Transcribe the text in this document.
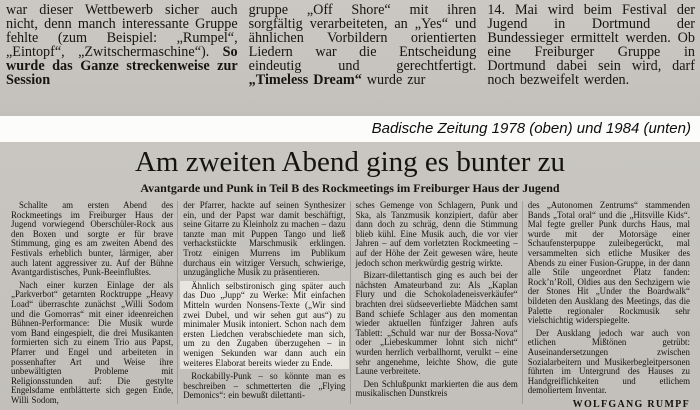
war dieser Wettbewerb sicher auch nicht, denn manch interessante Gruppe fehlte (zum Beispiel: „Rumpel“, „Eintopf“, „Zwitschermaschine“). So wurde das Ganze streckenweise zur Session

gruppe „Off Shore“ mit ihren sorgfältig verarbeiteten, an „Yes“ und ähnlichen Vorbildern orientierten Liedern war die Entscheidung eindeutig und gerechtfertigt. „Timeless Dream“ wurde zur

14. Mai wird beim Festival der Jugend in Dortmund der Bundessieger ermittelt werden. Ob eine Freiburger Gruppe in Dortmund dabei sein wird, darf noch bezweifelt werden.

Badische Zeitung 1978 (oben) und 1984 (unten)
Am zweiten Abend ging es bunter zu
Avantgarde und Punk in Teil B des Rockmeetings im Freiburger Haus der Jugend

Schallte am ersten Abend des Rockmeetings im Freiburger Haus der Jugend vorwiegend Oberschüler-Rock aus den Boxen und sorgte er für brave Stimmung, ging es am zweiten Abend des Festivals erheblich bunter, lärmiger, aber auch latent aggressiver zu. Auf der Bühne Avantgardistisches, Punk-Beeinflußtes.

Nach einer kurzen Einlage der als „Parkverbot“ getarnten Rocktruppe „Heavy Load“ überraschte zunächst „Willi Sodom und die Gomorras“ mit einer ideenreichen Bühnen-Performance: Die Musik wurde vom Band eingespielt, die drei Musikanten formierten sich zu einem Trio aus Papst, Pfarrer und Engel und arbeiteten in possenhafter Art und Weise ihre unbewältigten Probleme mit Religionsstunden auf: Die gestylte Engelsdame entblätterte sich gegen Ende, Willi Sodom,

der Pfarrer, hackte auf seinen Synthesizer ein, und der Papst war damit beschäftigt, seine Gitarre zu Kleinholz zu machen – dazu tanzte man mit Puppen Tango und ließ verhackstückte Marschmusik erklingen. Trotz einigen Murrens im Publikum durchaus ein witziger Versuch, schwierige, unzugängliche Musik zu präsentieren.

Ähnlich selbstironisch ging später auch das Duo „Jupp“ zu Werke: Mit einfachen Mitteln wurden Nonsens-Texte („Wir sind zwei Dubel, und wir sehen gut aus“) zu minimaler Musik intoniert. Schon nach dem ersten Liedchen verabschiedete man sich, um zu den Zugaben überzugehen – in wenigen Sekunden war dann auch ein weiteres Elaborat bereits wieder zu Ende.

Rockabilly-Punk – so könnte man es beschreiben – schmetterten die „Flying Demonics“: ein bewußt dilettanti-

sches Gemenge von Schlagern, Punk und Ska, als Tanzmusik konzipiert, dafür aber dann doch zu schräg, denn die Stimmung blieb kühl. Eine Musik auch, die vor vier Jahren – auf dem vorletzten Rockmeeting – auf der Höhe der Zeit gewesen wäre, heute jedoch schon merkwürdig gestrig wirkte.

Bizarr-dilettantisch ging es auch bei der nächsten Amateurband zu: Als „Kaplan Flury und die Schokoladeneisverkäufer“ brachten drei südseeverliebte Mädchen samt Band schiefe Schlager aus den momentan wieder aktuellen fünfziger Jahren aufs Tablett: „Schuld war nur der Bossa-Nova“ oder „Liebeskummer lohnt sich nicht“ wurden herrlich verballhornt, verulkt – eine sehr angenehme, leichte Show, die gute Laune verbreitete.

Den Schlußpunkt markierten die aus dem musikalischen Dunstkreis

des „Autonomen Zentrums“ stammenden Bands „Total oral“ und die „Hitsville Kids“. Mal fegte greller Punk durchs Haus, mal wurde mit der Motorsäge einer Schaufensterpuppe zuleibegerückt, mal versammelten sich etliche Musiker des Abends zu einer Fusion-Gruppe, in der dann alle Stile ungeordnet Platz fanden: Rock’n’Roll, Oldies aus den Sechzigern wie der Stones Hit „Under the Boardwalk“ bildeten den Ausklang des Meetings, das die Palette regionaler Rockmusik sehr vielschichtig widerspiegelte.

Der Ausklang jedoch war auch von etlichen Mißtönen getrübt: Auseinandersetzungen zwischen Sozialarbeitern und Musikerbegleitpersonen führten im Untergrund des Hauses zu Handgreiflichkeiten und etlichem demoliertem Inventar.

WOLFGANG RUMPF
